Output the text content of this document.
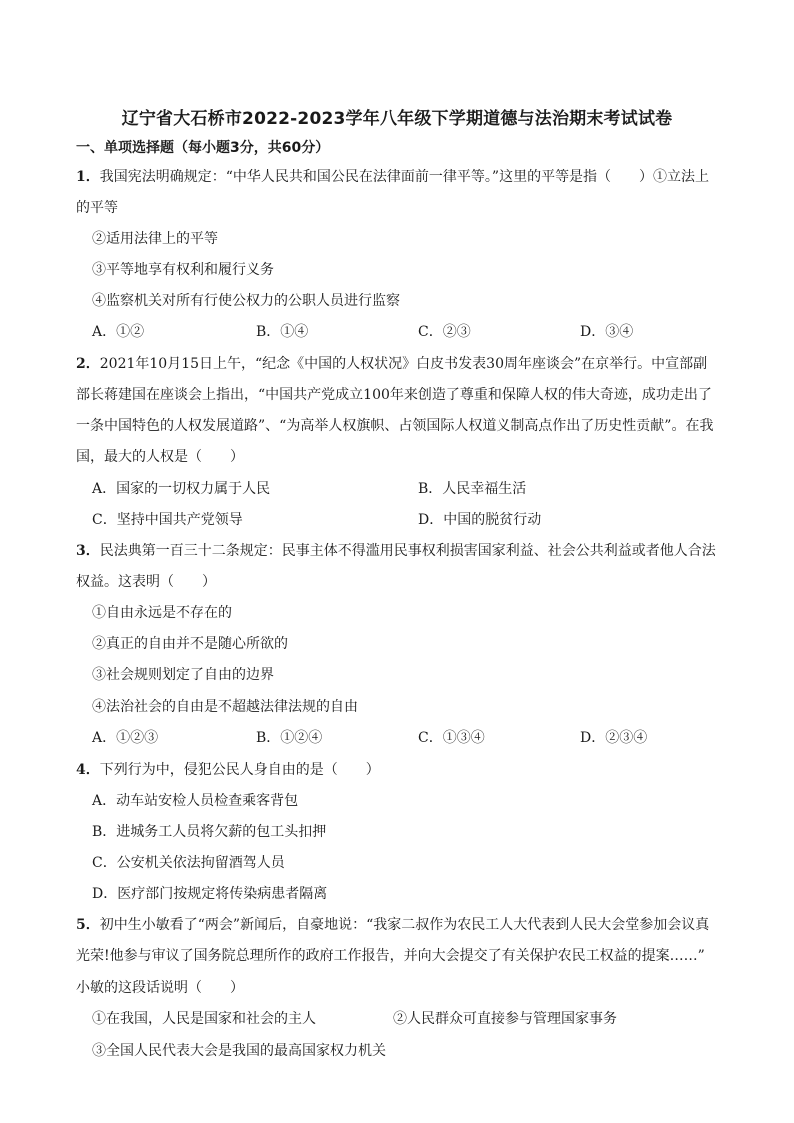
辽宁省大石桥市2022-2023学年八年级下学期道德与法治期末考试试卷
一、单项选择题（每小题3分，共60分）
1．我国宪法明确规定：“中华人民共和国公民在法律面前一律平等。”这里的平等是指（　　）①立法上
的平等
②适用法律上的平等
③平等地享有权利和履行义务
④监察机关对所有行使公权力的公职人员进行监察
A．①②	B．①④	C．②③	D．③④
2．2021年10月15日上午，“纪念《中国的人权状况》白皮书发表30周年座谈会”在京举行。中宣部副
部长蒋建国在座谈会上指出，“中国共产党成立100年来创造了尊重和保障人权的伟大奇迹，成功走出了
一条中国特色的人权发展道路”、“为高举人权旗帜、占领国际人权道义制高点作出了历史性贡献”。在我
国，最大的人权是（　　）
A．国家的一切权力属于人民	B．人民幸福生活
C．坚持中国共产党领导	D．中国的脱贫行动
3．民法典第一百三十二条规定：民事主体不得滥用民事权利损害国家利益、社会公共利益或者他人合法
权益。这表明（　　）
①自由永远是不存在的
②真正的自由并不是随心所欲的
③社会规则划定了自由的边界
④法治社会的自由是不超越法律法规的自由
A．①②③	B．①②④	C．①③④	D．②③④
4．下列行为中，侵犯公民人身自由的是（　　）
A．动车站安检人员检查乘客背包
B．进城务工人员将欠薪的包工头扣押
C．公安机关依法拘留酒驾人员
D．医疗部门按规定将传染病患者隔离
5．初中生小敏看了“两会”新闻后，自豪地说：“我家二叔作为农民工人大代表到人民大会堂参加会议真
光荣!他参与审议了国务院总理所作的政府工作报告，并向大会提交了有关保护农民工权益的提案……”
小敏的这段话说明（　　）
①在我国，人民是国家和社会的主人	②人民群众可直接参与管理国家事务
③全国人民代表大会是我国的最高国家权力机关
